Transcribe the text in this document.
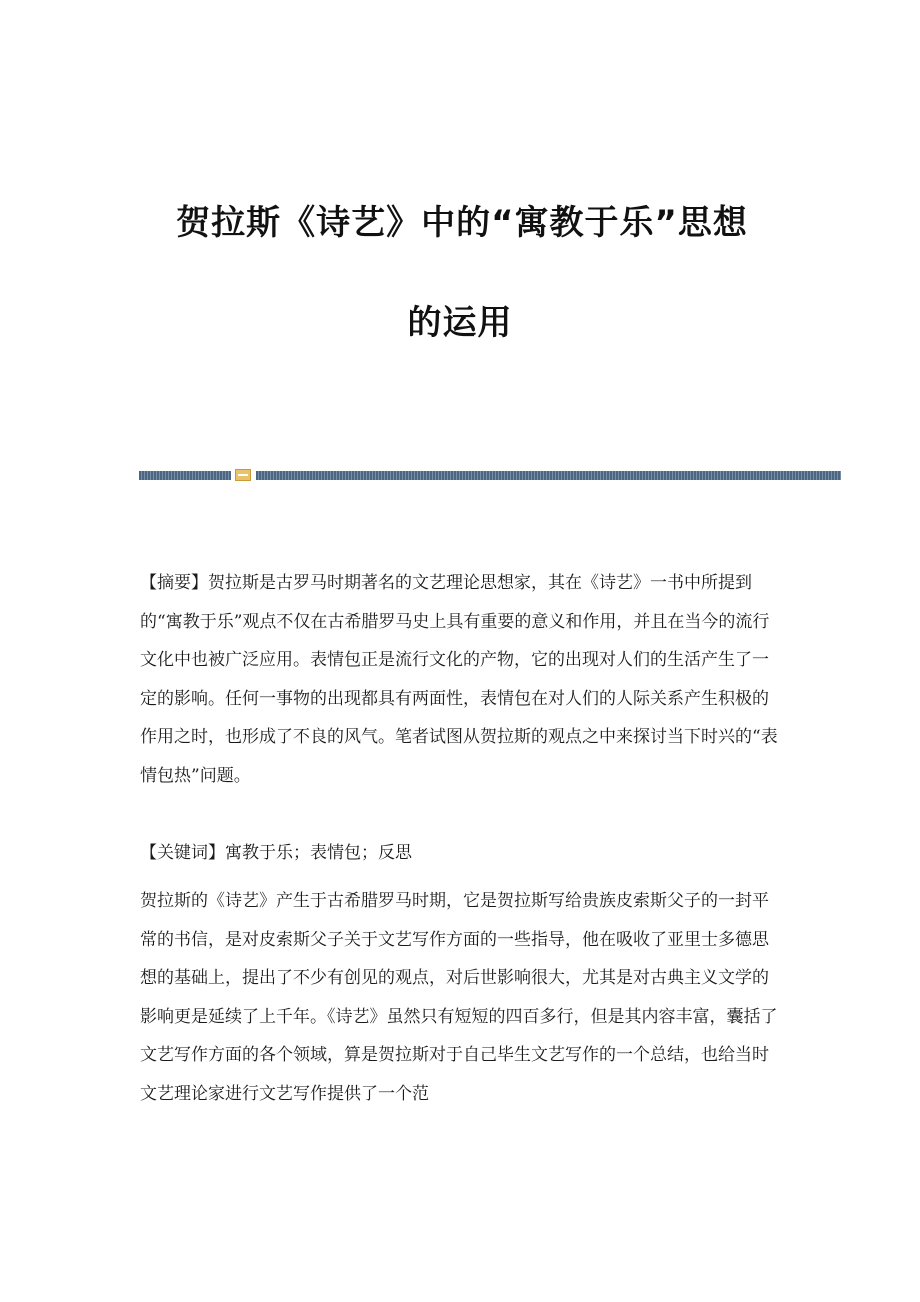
贺拉斯《诗艺》中的“寓教于乐”思想
的运用

【摘要】贺拉斯是古罗马时期著名的文艺理论思想家，其在《诗艺》一书中所提到的“寓教于乐”观点不仅在古希腊罗马史上具有重要的意义和作用，并且在当今的流行文化中也被广泛应用。表情包正是流行文化的产物，它的出现对人们的生活产生了一定的影响。任何一事物的出现都具有两面性，表情包在对人们的人际关系产生积极的作用之时，也形成了不良的风气。笔者试图从贺拉斯的观点之中来探讨当下时兴的“表情包热”问题。

【关键词】寓教于乐；表情包；反思

贺拉斯的《诗艺》产生于古希腊罗马时期，它是贺拉斯写给贵族皮索斯父子的一封平常的书信，是对皮索斯父子关于文艺写作方面的一些指导，他在吸收了亚里士多德思想的基础上，提出了不少有创见的观点，对后世影响很大，尤其是对古典主义文学的影响更是延续了上千年。《诗艺》虽然只有短短的四百多行，但是其内容丰富，囊括了文艺写作方面的各个领域，算是贺拉斯对于自己毕生文艺写作的一个总结，也给当时文艺理论家进行文艺写作提供了一个范
